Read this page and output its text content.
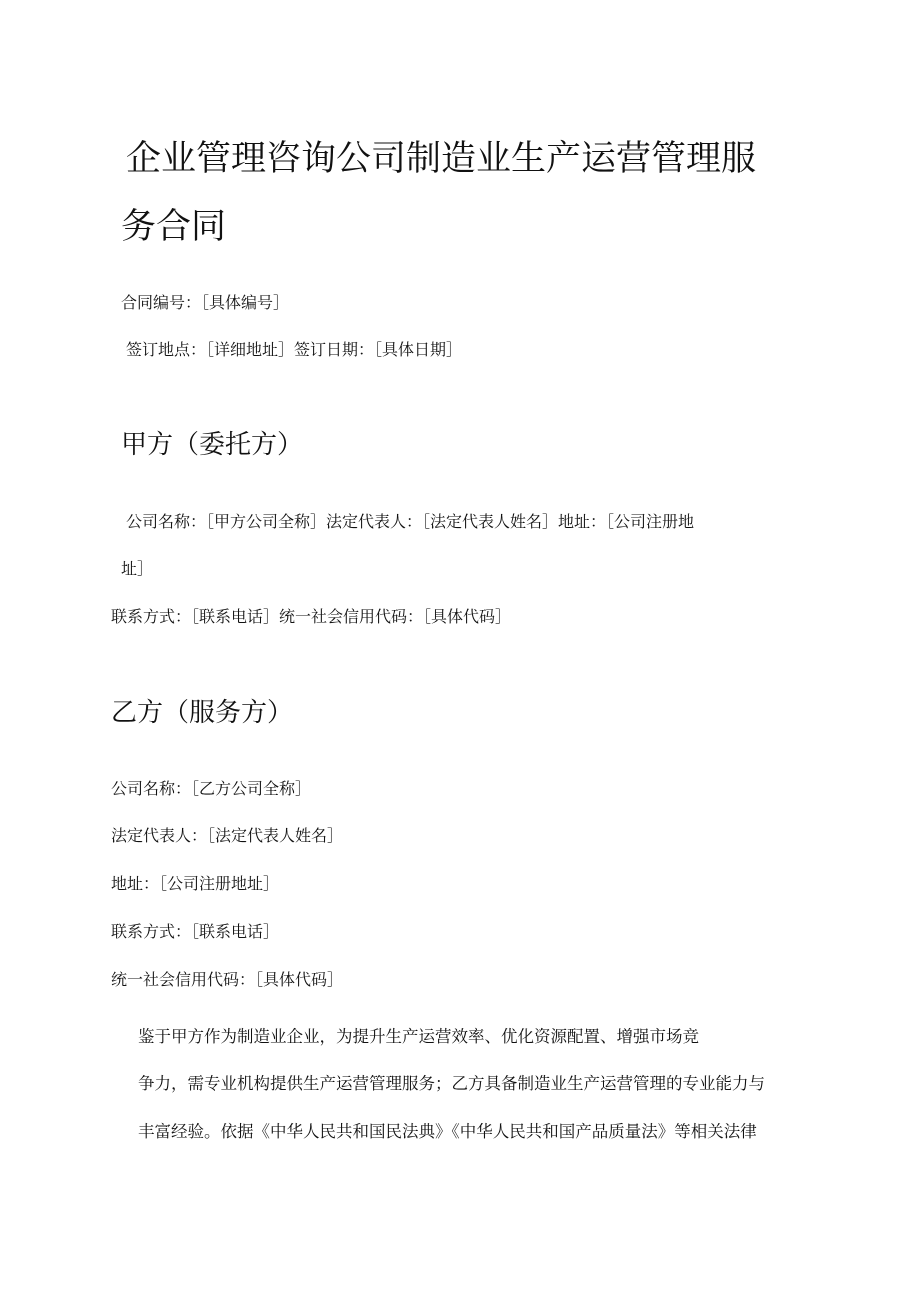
企业管理咨询公司制造业生产运营管理服
务合同
合同编号：［具体编号］
签订地点：［详细地址］签订日期：［具体日期］
甲方（委托方）
公司名称：［甲方公司全称］法定代表人：［法定代表人姓名］地址：［公司注册地
址］
联系方式：［联系电话］统一社会信用代码：［具体代码］
乙方（服务方）
公司名称：［乙方公司全称］
法定代表人：［法定代表人姓名］
地址：［公司注册地址］
联系方式：［联系电话］
统一社会信用代码：［具体代码］
鉴于甲方作为制造业企业，为提升生产运营效率、优化资源配置、增强市场竞
争力，需专业机构提供生产运营管理服务；乙方具备制造业生产运营管理的专业能力与
丰富经验。依据《中华人民共和国民法典》《中华人民共和国产品质量法》等相关法律
